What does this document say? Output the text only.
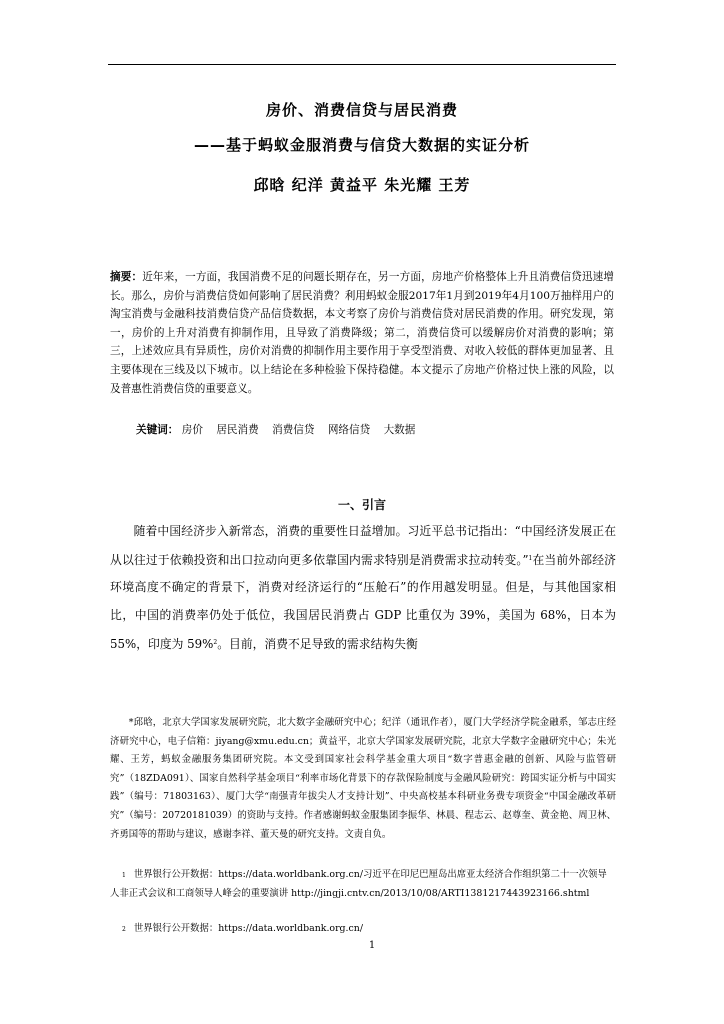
房价、消费信贷与居民消费
——基于蚂蚁金服消费与信贷大数据的实证分析
邱晗 纪洋 黄益平 朱光耀 王芳
摘要：近年来，一方面，我国消费不足的问题长期存在，另一方面，房地产价格整体上升且消费信贷迅速增长。那么，房价与消费信贷如何影响了居民消费？利用蚂蚁金服2017年1月到2019年4月100万抽样用户的淘宝消费与金融科技消费信贷产品信贷数据，本文考察了房价与消费信贷对居民消费的作用。研究发现，第一，房价的上升对消费有抑制作用，且导致了消费降级；第二，消费信贷可以缓解房价对消费的影响；第三，上述效应具有异质性，房价对消费的抑制作用主要作用于享受型消费、对收入较低的群体更加显著、且主要体现在三线及以下城市。以上结论在多种检验下保持稳健。本文提示了房地产价格过快上涨的风险，以及普惠性消费信贷的重要意义。
关键词： 房价 居民消费 消费信贷 网络信贷 大数据
一、引言

随着中国经济步入新常态，消费的重要性日益增加。习近平总书记指出：“中国经济发展正在从以往过于依赖投资和出口拉动向更多依靠国内需求特别是消费需求拉动转变。”$^1$在当前外部经济环境高度不确定的背景下，消费对经济运行的“压舱石”的作用越发明显。但是，与其他国家相比，中国的消费率仍处于低位，我国居民消费占 GDP 比重仅为 39%，美国为 68%，日本为 55%，印度为 59%$^2$。目前，消费不足导致的需求结构失衡

*邱晗，北京大学国家发展研究院，北大数字金融研究中心；纪洋（通讯作者），厦门大学经济学院金融系，邹志庄经济研究中心，电子信箱：jiyang@xmu.edu.cn；黄益平，北京大学国家发展研究院，北京大学数字金融研究中心；朱光耀、王芳，蚂蚁金融服务集团研究院。本文受到国家社会科学基金重大项目“数字普惠金融的创新、风险与监管研究”（18ZDA091）、国家自然科学基金项目“利率市场化背景下的存款保险制度与金融风险研究：跨国实证分析与中国实践”（编号：71803163）、厦门大学“南强青年拔尖人才支持计划”、中央高校基本科研业务费专项资金“中国金融改革研究”（编号：20720181039）的资助与支持。作者感谢蚂蚁金服集团李振华、林晨、程志云、赵尊奎、黄金艳、周卫林、齐勇国等的帮助与建议，感谢李祥、董天曼的研究支持。文责自负。

1 世界银行公开数据：https://data.worldbank.org.cn/习近平在印尼巴厘岛出席亚太经济合作组织第二十一次领导人非正式会议和工商领导人峰会的重要演讲 http://jingji.cntv.cn/2013/10/08/ARTI1381217443923166.shtml
2 世界银行公开数据：https://data.worldbank.org.cn/
1
